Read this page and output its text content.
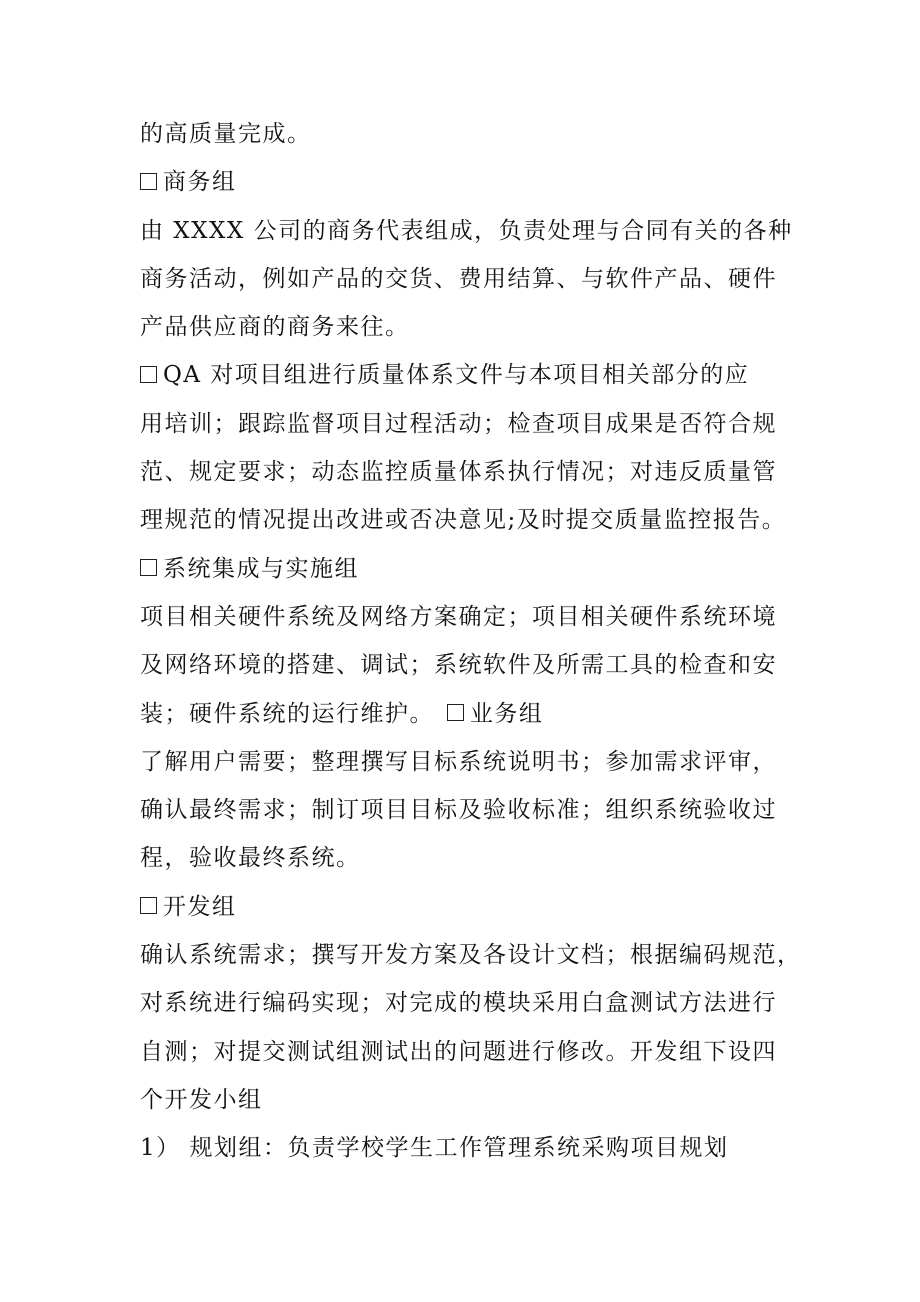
的高质量完成。
商务组
由 XXXX 公司的商务代表组成，负责处理与合同有关的各种
商务活动，例如产品的交货、费用结算、与软件产品、硬件
产品供应商的商务来往。
QA 对项目组进行质量体系文件与本项目相关部分的应
用培训；跟踪监督项目过程活动；检查项目成果是否符合规
范、规定要求；动态监控质量体系执行情况；对违反质量管
理规范的情况提出改进或否决意见;及时提交质量监控报告。
系统集成与实施组
项目相关硬件系统及网络方案确定；项目相关硬件系统环境
及网络环境的搭建、调试；系统软件及所需工具的检查和安
装；硬件系统的运行维护。 业务组
了解用户需要；整理撰写目标系统说明书；参加需求评审，
确认最终需求；制订项目目标及验收标准；组织系统验收过
程，验收最终系统。
开发组
确认系统需求；撰写开发方案及各设计文档；根据编码规范，
对系统进行编码实现；对完成的模块采用白盒测试方法进行
自测；对提交测试组测试出的问题进行修改。开发组下设四
个开发小组
1） 规划组：负责学校学生工作管理系统采购项目规划
